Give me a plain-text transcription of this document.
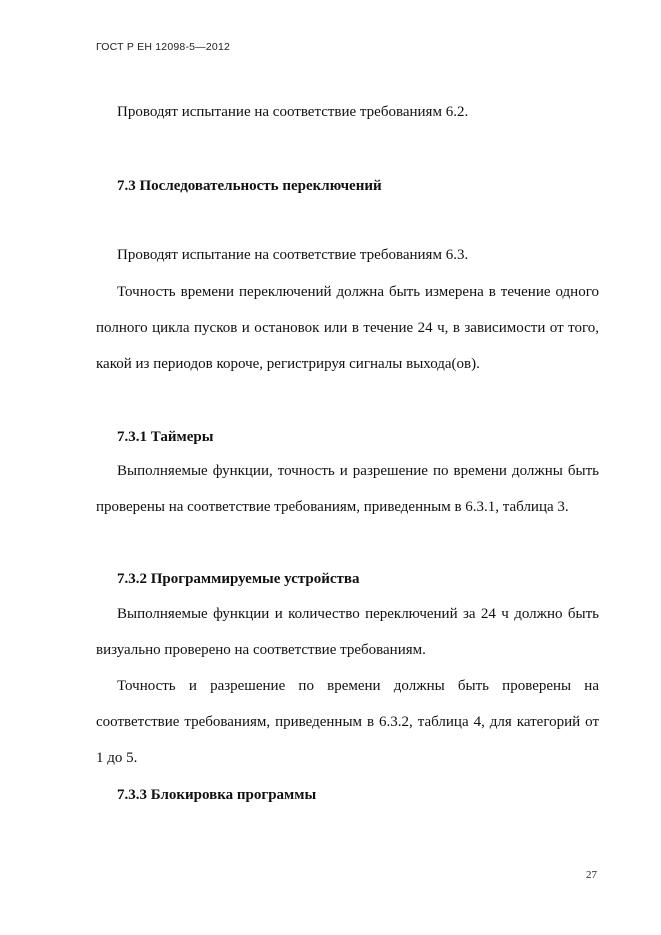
ГОСТ Р ЕН 12098-5—2012

Проводят испытание на соответствие требованиям 6.2.

7.3 Последовательность переключений

Проводят испытание на соответствие требованиям 6.3.

Точность времени переключений должна быть измерена в течение одного полного цикла пусков и остановок или в течение 24 ч, в зависимости от того, какой из периодов короче, регистрируя сигналы выхода(ов).

7.3.1 Таймеры

Выполняемые функции, точность и разрешение по времени должны быть проверены на соответствие требованиям, приведенным в 6.3.1, таблица 3.

7.3.2 Программируемые устройства

Выполняемые функции и количество переключений за 24 ч должно быть визуально проверено на соответствие требованиям.

Точность и разрешение по времени должны быть проверены на соответствие требованиям, приведенным в 6.3.2, таблица 4, для категорий от 1 до 5.

7.3.3 Блокировка программы
27
